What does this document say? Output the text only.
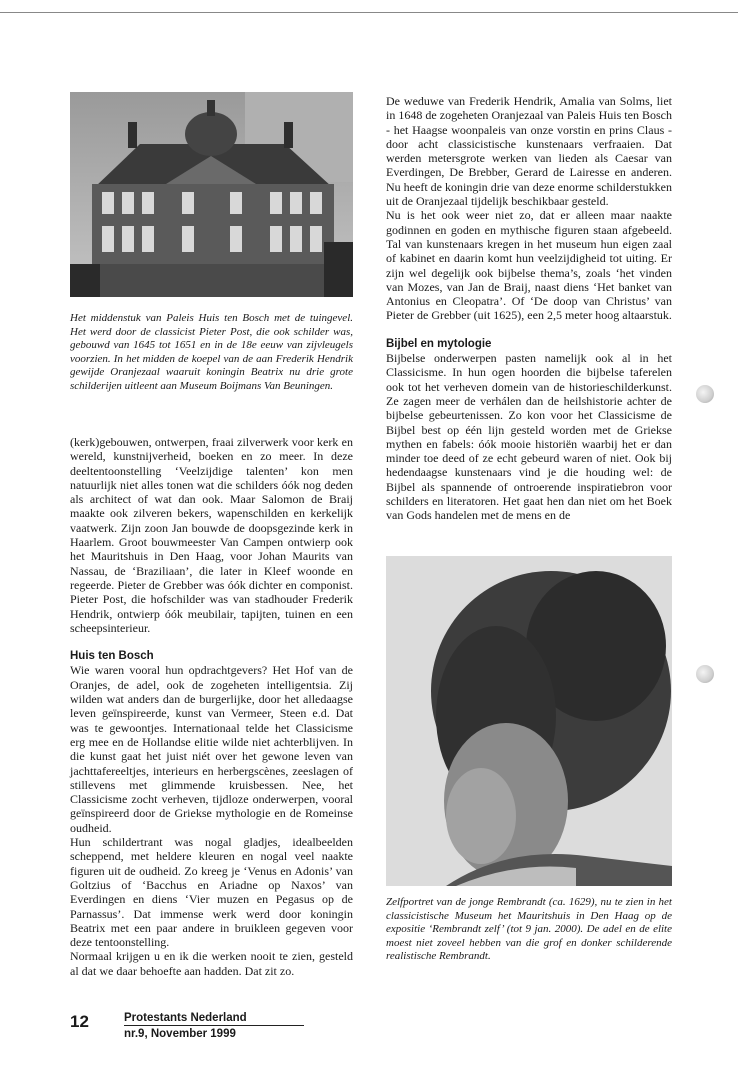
Het middenstuk van Paleis Huis ten Bosch met de tuingevel. Het werd door de classicist Pieter Post, die ook schilder was, gebouwd van 1645 tot 1651 en in de 18e eeuw van zijvleugels voorzien. In het midden de koepel van de aan Frederik Hendrik gewijde Oranjezaal waaruit koningin Beatrix nu drie grote schilderijen uitleent aan Museum Boijmans Van Beuningen.

(kerk)gebouwen, ontwerpen, fraai zilverwerk voor kerk en wereld, kunstnijverheid, boeken en zo meer. In deze deeltentoonstelling ‘Veelzijdige talenten’ kon men natuurlijk niet alles tonen wat die schilders óók nog deden als architect of wat dan ook. Maar Salomon de Braij maakte ook zilveren bekers, wapenschilden en kerkelijk vaatwerk. Zijn zoon Jan bouwde de doopsgezinde kerk in Haarlem. Groot bouwmeester Van Campen ontwierp ook het Mauritshuis in Den Haag, voor Johan Maurits van Nassau, de ‘Braziliaan’, die later in Kleef woonde en regeerde. Pieter de Grebber was óók dichter en componist. Pieter Post, die hofschilder was van stadhouder Frederik Hendrik, ontwierp óók meubilair, tapijten, tuinen en een scheepsinterieur.

Huis ten Bosch

Wie waren vooral hun opdrachtgevers? Het Hof van de Oranjes, de adel, ook de zogeheten intelligentsia. Zij wilden wat anders dan de burgerlijke, door het alledaagse leven geïnspireerde, kunst van Vermeer, Steen e.d. Dat was te gewoontjes. Internationaal telde het Classicisme erg mee en de Hollandse elitie wilde niet achterblijven. In die kunst gaat het juist niét over het gewone leven van jachttafereeltjes, interieurs en herbergscènes, zeeslagen of stillevens met glimmende kruisbessen. Nee, het Classicisme zocht verheven, tijdloze onderwerpen, vooral geïnspireerd door de Griekse mythologie en de Romeinse oudheid.

Hun schildertrant was nogal gladjes, idealbeelden scheppend, met heldere kleuren en nogal veel naakte figuren uit de oudheid. Zo kreeg je ‘Venus en Adonis’ van Goltzius of ‘Bacchus en Ariadne op Naxos’ van Everdingen en diens ‘Vier muzen en Pegasus op de Parnassus’. Dat immense werk werd door koningin Beatrix met een paar andere in bruikleen gegeven voor deze tentoonstelling.

Normaal krijgen u en ik die werken nooit te zien, gesteld al dat we daar behoefte aan hadden. Dat zit zo.

De weduwe van Frederik Hendrik, Amalia van Solms, liet in 1648 de zogeheten Oranjezaal van Paleis Huis ten Bosch - het Haagse woonpaleis van onze vorstin en prins Claus - door acht classicistische kunstenaars verfraaien. Dat werden metersgrote werken van lieden als Caesar van Everdingen, De Brebber, Gerard de Lairesse en anderen. Nu heeft de koningin drie van deze enorme schilderstukken uit de Oranjezaal tijdelijk beschikbaar gesteld.

Nu is het ook weer niet zo, dat er alleen maar naakte godinnen en goden en mythische figuren staan afgebeeld. Tal van kunstenaars kregen in het museum hun eigen zaal of kabinet en daarin komt hun veelzijdigheid tot uiting. Er zijn wel degelijk ook bijbelse thema’s, zoals ‘het vinden van Mozes, van Jan de Braij, naast diens ‘Het banket van Antonius en Cleopatra’. Of ‘De doop van Christus’ van Pieter de Grebber (uit 1625), een 2,5 meter hoog altaarstuk.

Bijbel en mytologie

Bijbelse onderwerpen pasten namelijk ook al in het Classicisme. In hun ogen hoorden die bijbelse taferelen ook tot het verheven domein van de historieschilderkunst. Ze zagen meer de verhálen dan de heilshistorie achter de bijbelse gebeurtenissen. Zo kon voor het Classicisme de Bijbel best op één lijn gesteld worden met de Griekse mythen en fabels: óók mooie historiën waarbij het er dan minder toe deed of ze echt gebeurd waren of niet. Ook bij hedendaagse kunstenaars vind je die houding wel: de Bijbel als spannende of ontroerende inspiratiebron voor schilders en literatoren. Het gaat hen dan niet om het Boek van Gods handelen met de mens en de

Zelfportret van de jonge Rembrandt (ca. 1629), nu te zien in het classicistische Museum het Mauritshuis in Den Haag op de expositie ‘Rembrandt zelf’ (tot 9 jan. 2000). De adel en de elite moest niet zoveel hebben van die grof en donker schilderende realistische Rembrandt.
12	Protestants Nederland
nr.9, November 1999
